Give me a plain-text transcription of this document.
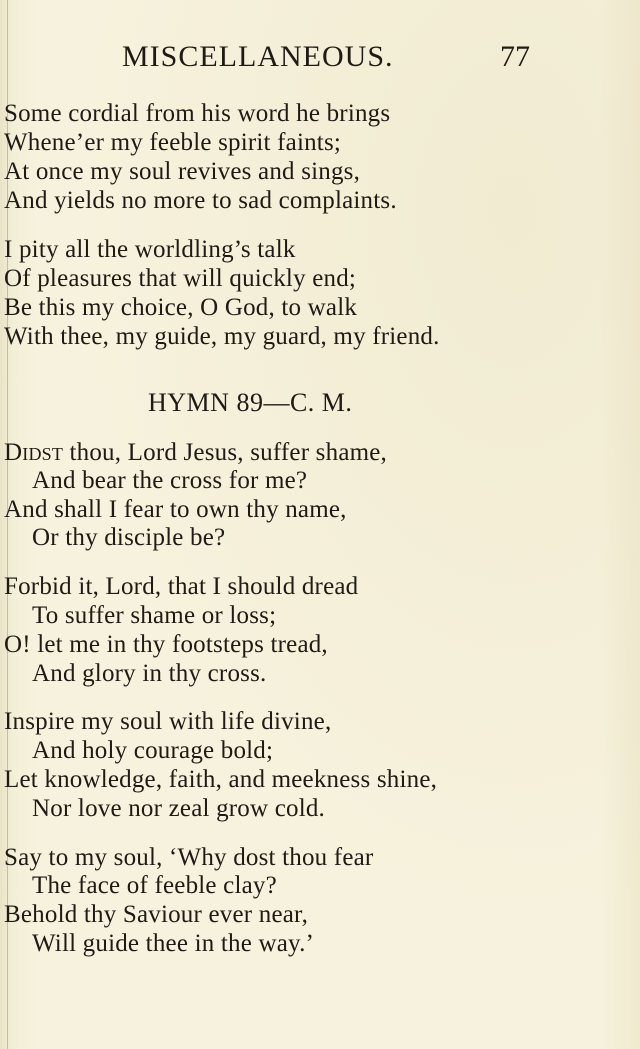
MISCELLANEOUS.	77
Some cordial from his word he brings
Whene’er my feeble spirit faints;
At once my soul revives and sings,
And yields no more to sad complaints.
I pity all the worldling’s talk
Of pleasures that will quickly end;
Be this my choice, O God, to walk
With thee, my guide, my guard, my friend.
HYMN 89—C. M.
Didst thou, Lord Jesus, suffer shame,
And bear the cross for me?
And shall I fear to own thy name,
Or thy disciple be?
Forbid it, Lord, that I should dread
To suffer shame or loss;
O! let me in thy footsteps tread,
And glory in thy cross.
Inspire my soul with life divine,
And holy courage bold;
Let knowledge, faith, and meekness shine,
Nor love nor zeal grow cold.
Say to my soul, ‘Why dost thou fear
The face of feeble clay?
Behold thy Saviour ever near,
Will guide thee in the way.’
